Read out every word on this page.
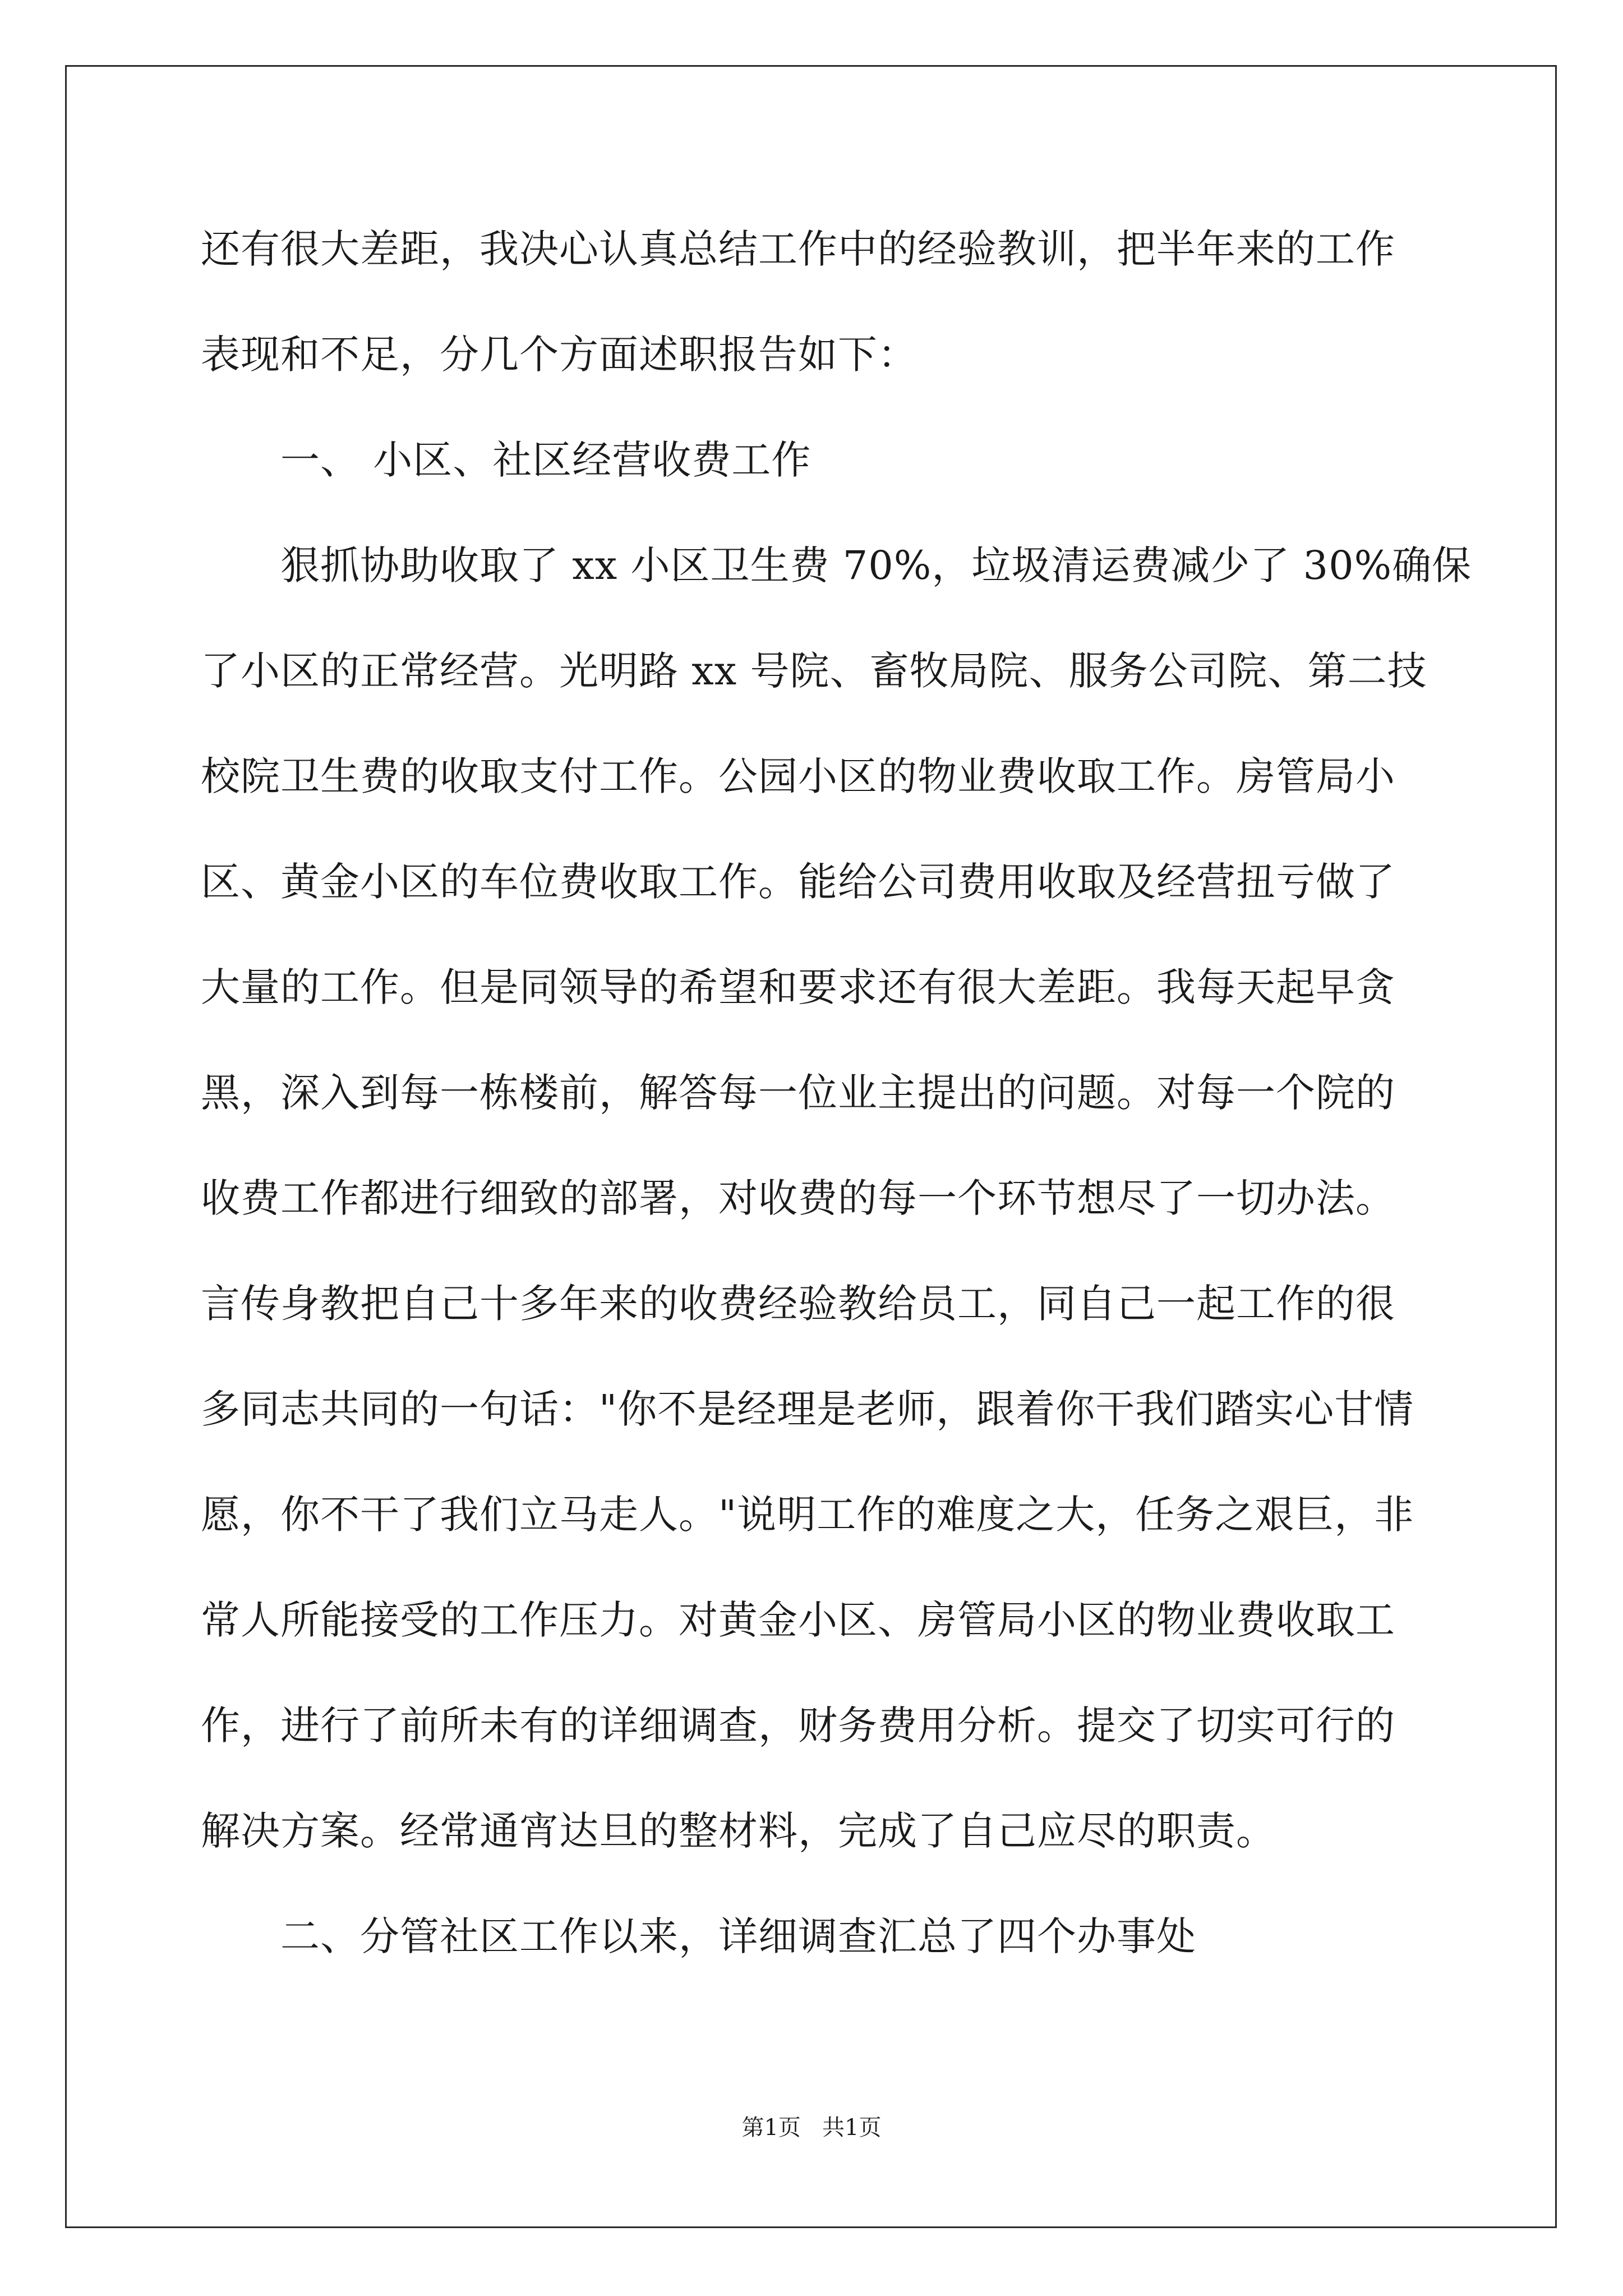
还有很大差距，我决心认真总结工作中的经验教训，把半年来的工作
表现和不足，分几个方面述职报告如下：
一、 小区、社区经营收费工作
狠抓协助收取了 xx 小区卫生费 70%，垃圾清运费减少了 30%确保
了小区的正常经营。光明路 xx 号院、畜牧局院、服务公司院、第二技
校院卫生费的收取支付工作。公园小区的物业费收取工作。房管局小
区、黄金小区的车位费收取工作。能给公司费用收取及经营扭亏做了
大量的工作。但是同领导的希望和要求还有很大差距。我每天起早贪
黑，深入到每一栋楼前，解答每一位业主提出的问题。对每一个院的
收费工作都进行细致的部署，对收费的每一个环节想尽了一切办法。
言传身教把自己十多年来的收费经验教给员工，同自己一起工作的很
多同志共同的一句话："你不是经理是老师，跟着你干我们踏实心甘情
愿，你不干了我们立马走人。"说明工作的难度之大，任务之艰巨，非
常人所能接受的工作压力。对黄金小区、房管局小区的物业费收取工
作，进行了前所未有的详细调查，财务费用分析。提交了切实可行的
解决方案。经常通宵达旦的整材料，完成了自己应尽的职责。
二、分管社区工作以来，详细调查汇总了四个办事处
第1页   共1页
